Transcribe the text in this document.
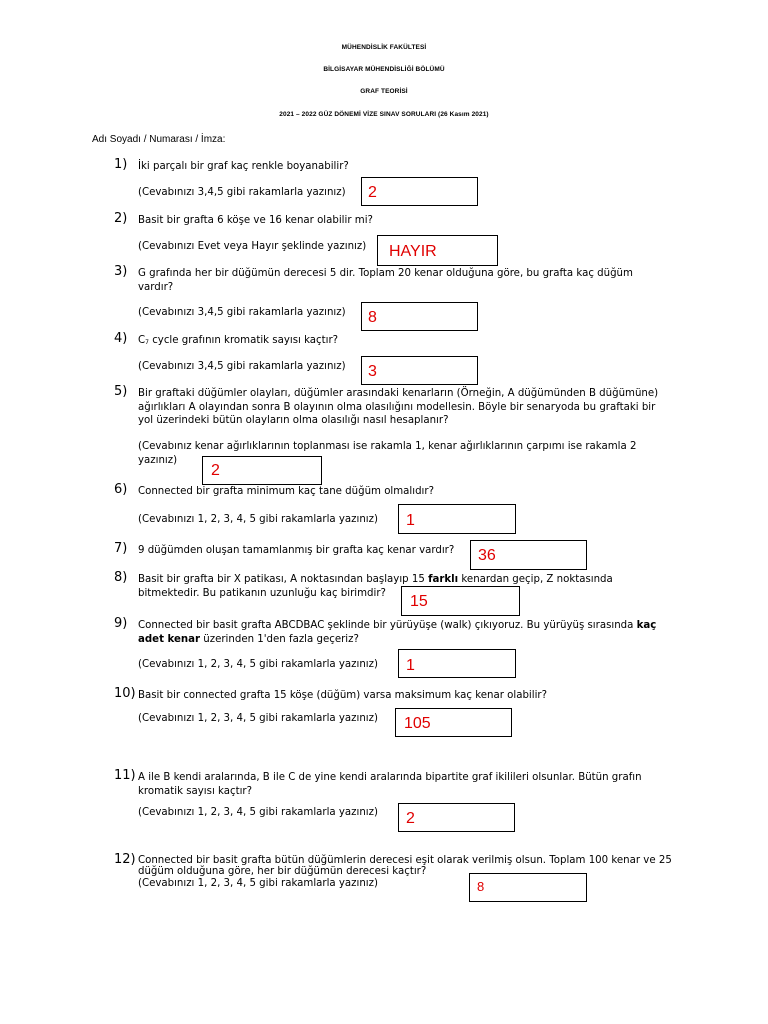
MÜHENDİSLİK FAKÜLTESİ
BİLGİSAYAR MÜHENDİSLİĞİ BÖLÜMÜ
GRAF TEORİSİ
2021 – 2022 GÜZ DÖNEMİ VİZE SINAV SORULARI (26 Kasım 2021)
Adı Soyadı / Numarası / İmza:
1) İki parçalı bir graf kaç renkle boyanabilir?
(Cevabınızı 3,4,5 gibi rakamlarla yazınız) 2
2) Basit bir grafta 6 köşe ve 16 kenar olabilir mi?
(Cevabınızı Evet veya Hayır şeklinde yazınız) HAYIR
3) G grafında her bir düğümün derecesi 5 dir. Toplam 20 kenar olduğuna göre, bu grafta kaç düğüm vardır?
(Cevabınızı 3,4,5 gibi rakamlarla yazınız) 8
4) $C_7$ cycle grafının kromatik sayısı kaçtır?
(Cevabınızı 3,4,5 gibi rakamlarla yazınız) 3
5) Bir graftaki düğümler olayları, düğümler arasındaki kenarların (Örneğin, A düğümünden B düğümüne) ağırlıkları A olayından sonra B olayının olma olasılığını modellesin. Böyle bir senaryoda bu graftaki bir yol üzerindeki bütün olayların olma olasılığı nasıl hesaplanır?
(Cevabınız kenar ağırlıklarının toplanması ise rakamla 1, kenar ağırlıklarının çarpımı ise rakamla 2 yazınız)
2
6) Connected bir grafta minimum kaç tane düğüm olmalıdır?
(Cevabınızı 1, 2, 3, 4, 5 gibi rakamlarla yazınız) 1
7) 9 düğümden oluşan tamamlanmış bir grafta kaç kenar vardır?	36
8) Basit bir grafta bir X patikası, A noktasından başlayıp 15 farklı kenardan geçip, Z noktasında bitmektedir. Bu patikanın uzunluğu kaç birimdir?	15
9) Connected bir basit grafta ABCDBAC şeklinde bir yürüyüşe (walk) çıkıyoruz. Bu yürüyüş sırasında kaç adet kenar üzerinden 1'den fazla geçeriz?
(Cevabınızı 1, 2, 3, 4, 5 gibi rakamlarla yazınız) 1
10) Basit bir connected grafta 15 köşe (düğüm) varsa maksimum kaç kenar olabilir?
(Cevabınızı 1, 2, 3, 4, 5 gibi rakamlarla yazınız) 105
11) A ile B kendi aralarında, B ile C de yine kendi aralarında bipartite graf ikilileri olsunlar. Bütün grafın kromatik sayısı kaçtır?
(Cevabınızı 1, 2, 3, 4, 5 gibi rakamlarla yazınız) 2
12) Connected bir basit grafta bütün düğümlerin derecesi eşit olarak verilmiş olsun. Toplam 100 kenar ve 25 düğüm olduğuna göre, her bir düğümün derecesi kaçtır?
(Cevabınızı 1, 2, 3, 4, 5 gibi rakamlarla yazınız)	8
